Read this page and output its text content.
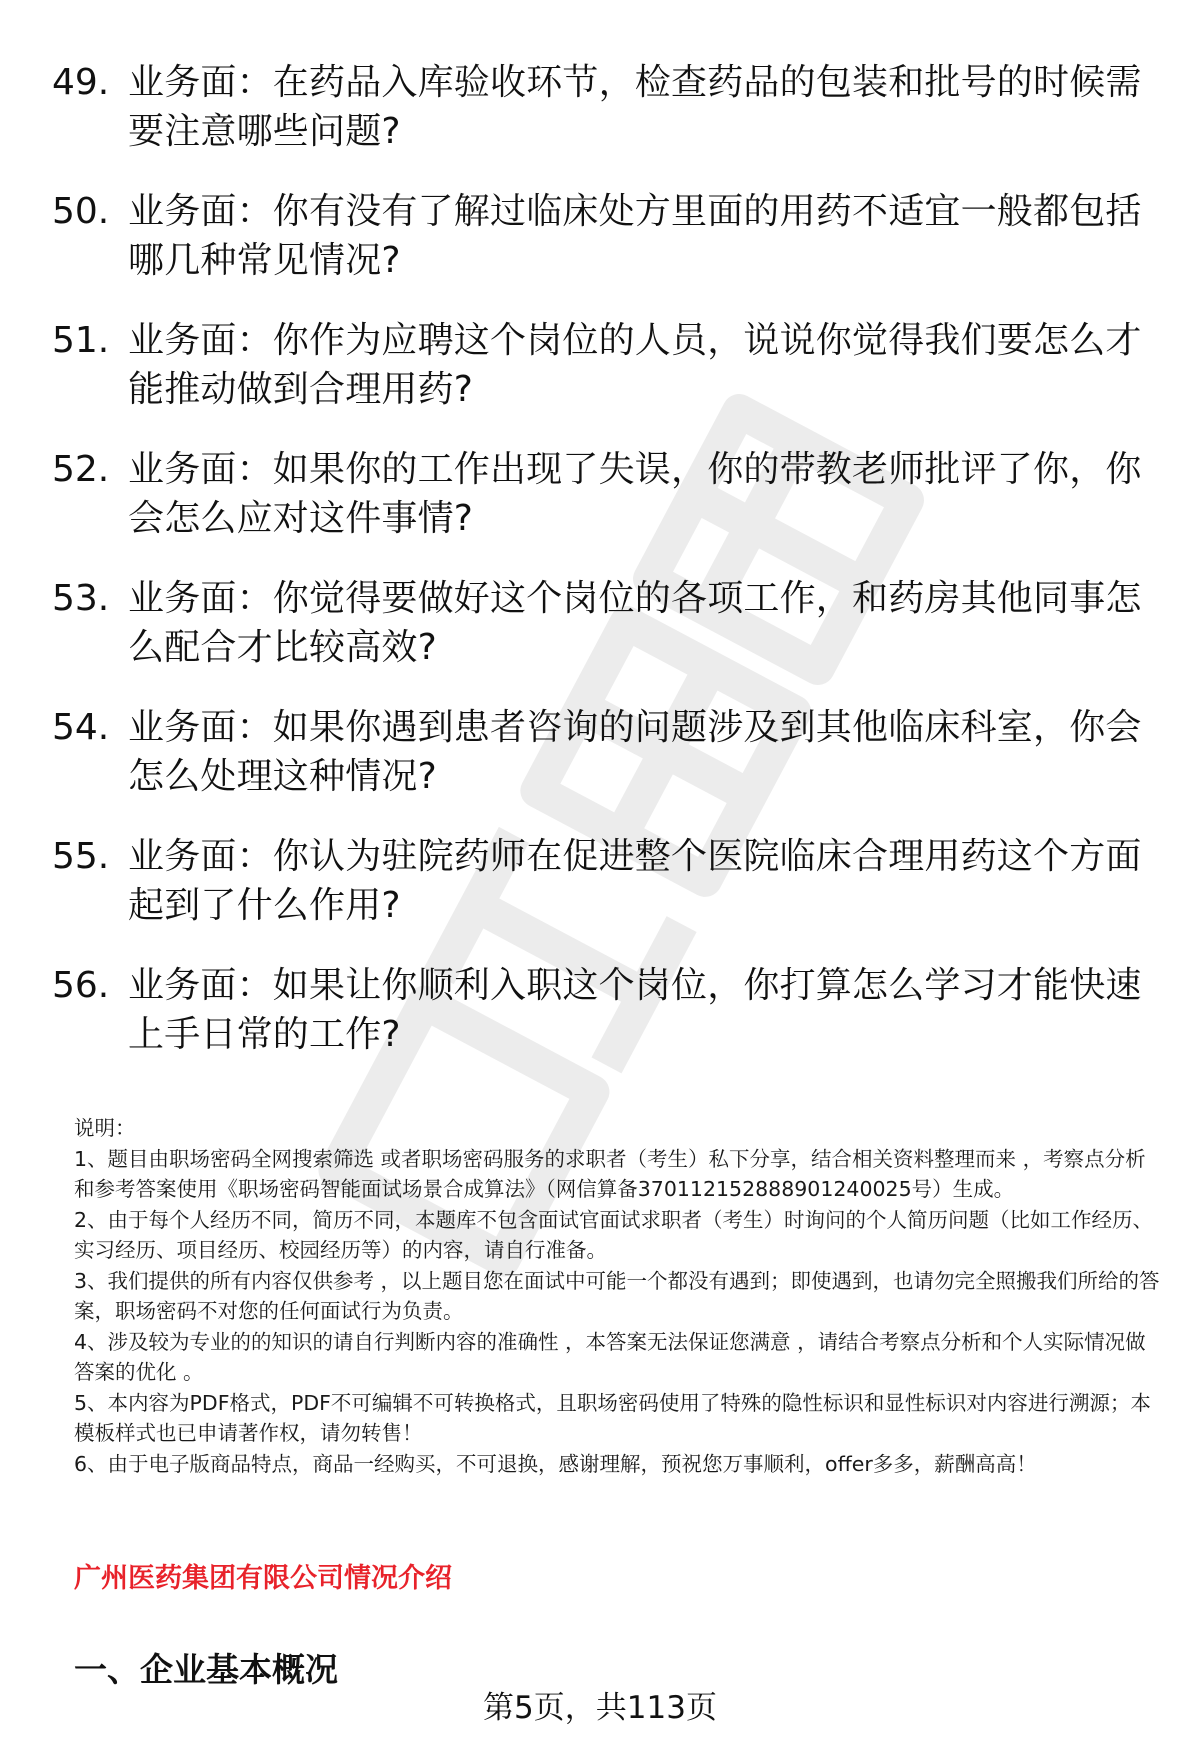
49. 业务面：在药品入库验收环节，检查药品的包装和批号的时候需要注意哪些问题?
50. 业务面：你有没有了解过临床处方里面的用药不适宜一般都包括哪几种常见情况?
51. 业务面：你作为应聘这个岗位的人员，说说你觉得我们要怎么才能推动做到合理用药?
52. 业务面：如果你的工作出现了失误，你的带教老师批评了你，你会怎么应对这件事情?
53. 业务面：你觉得要做好这个岗位的各项工作，和药房其他同事怎么配合才比较高效?
54. 业务面：如果你遇到患者咨询的问题涉及到其他临床科室，你会怎么处理这种情况?
55. 业务面：你认为驻院药师在促进整个医院临床合理用药这个方面起到了什么作用?
56. 业务面：如果让你顺利入职这个岗位，你打算怎么学习才能快速上手日常的工作?

说明：

1、题目由职场密码全网搜索筛选 或者职场密码服务的求职者（考生）私下分享，结合相关资料整理而来 ，考察点分析和参考答案使用《职场密码智能面试场景合成算法》（网信算备370112152888901240025号）生成。

2、由于每个人经历不同，简历不同，本题库不包含面试官面试求职者（考生）时询问的个人简历问题（比如工作经历、实习经历、项目经历、校园经历等）的内容，请自行准备。

3、我们提供的所有内容仅供参考 ，以上题目您在面试中可能一个都没有遇到；即使遇到，也请勿完全照搬我们所给的答案，职场密码不对您的任何面试行为负责。

4、涉及较为专业的的知识的请自行判断内容的准确性 ，本答案无法保证您满意 ，请结合考察点分析和个人实际情况做答案的优化 。

5、本内容为PDF格式，PDF不可编辑不可转换格式，且职场密码使用了特殊的隐性标识和显性标识对内容进行溯源；本模板样式也已申请著作权，请勿转售！

6、由于电子版商品特点，商品一经购买，不可退换，感谢理解，预祝您万事顺利，offer多多，薪酬高高！

广州医药集团有限公司情况介绍
一、企业基本概况
第5页，共113页
